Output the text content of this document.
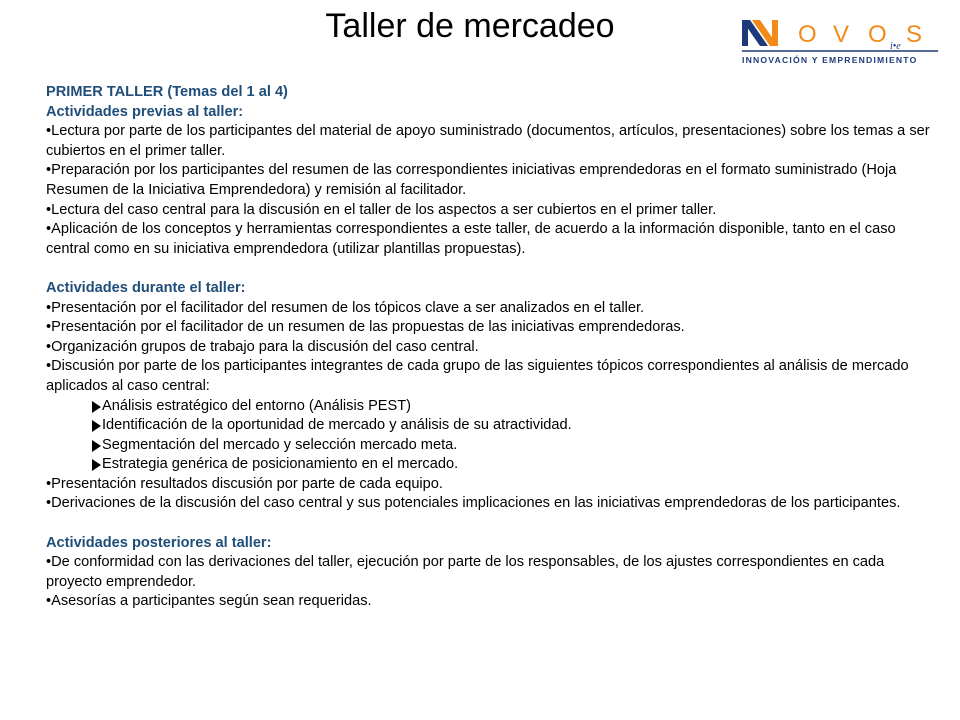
Taller de mercadeo	O V O S
i•e
INNOVACIÓN Y EMPRENDIMIENTO
PRIMER TALLER (Temas del 1 al 4)
Actividades previas al taller:
•Lectura por parte de los participantes del material de apoyo suministrado (documentos, artículos, presentaciones) sobre los temas a ser cubiertos en el primer taller.
•Preparación por los participantes del resumen de las correspondientes iniciativas emprendedoras en el formato suministrado (Hoja Resumen de la Iniciativa Emprendedora) y remisión al facilitador.
•Lectura del caso central para la discusión en el taller de los aspectos a ser cubiertos en el primer taller.
•Aplicación de los conceptos y herramientas correspondientes a este taller, de acuerdo a la información disponible, tanto en el caso central como en su iniciativa emprendedora (utilizar plantillas propuestas).
Actividades durante el taller:
•Presentación por el facilitador del resumen de los tópicos clave a ser analizados en el taller.
•Presentación por el facilitador de un resumen de las propuestas de las iniciativas emprendedoras.
•Organización grupos de trabajo para la discusión del caso central.
•Discusión por parte de los participantes integrantes de cada grupo de las siguientes tópicos correspondientes al análisis de mercado aplicados al caso central:
Análisis estratégico del entorno (Análisis PEST)
Identificación de la oportunidad de mercado y análisis de su atractividad.
Segmentación del mercado y selección mercado meta.
Estrategia genérica de posicionamiento en el mercado.
•Presentación resultados discusión por parte de cada equipo.
•Derivaciones de la discusión del caso central y sus potenciales implicaciones en las iniciativas emprendedoras de los participantes.
Actividades posteriores al taller:
•De conformidad con las derivaciones del taller, ejecución por parte de los responsables, de los ajustes correspondientes en cada proyecto emprendedor.
•Asesorías a participantes según sean requeridas.
